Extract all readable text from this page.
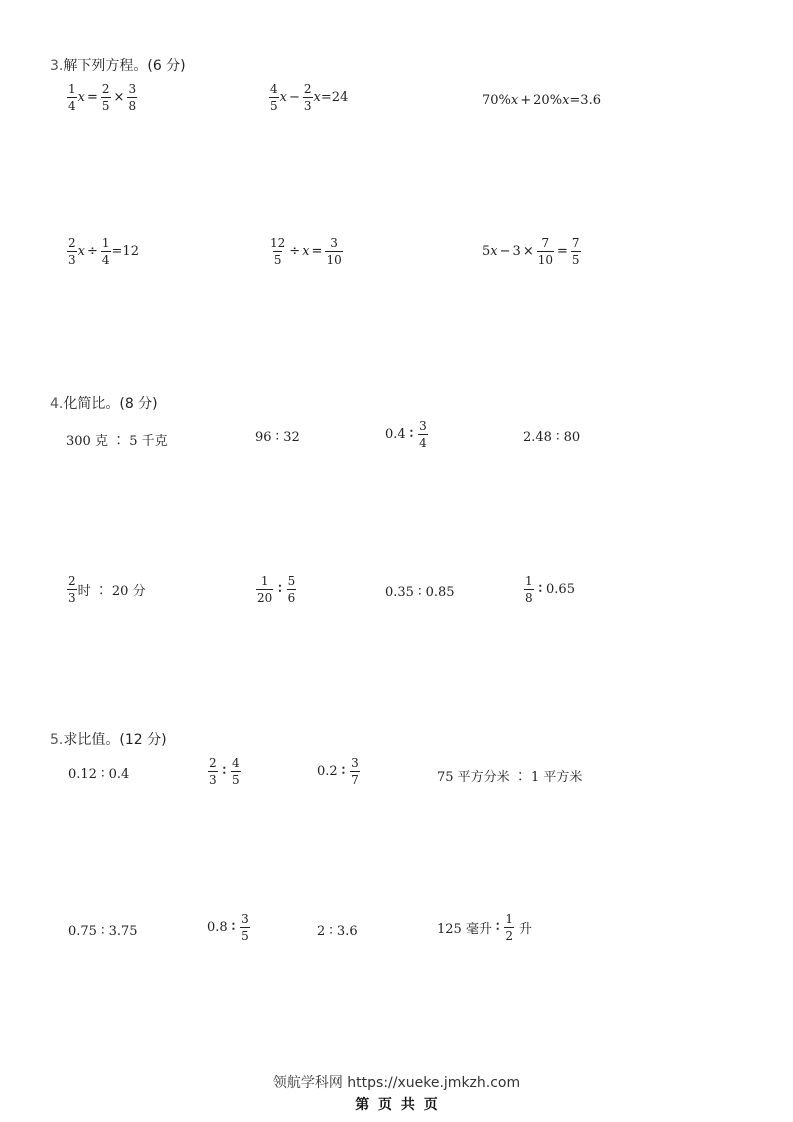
3.解下列方程。(6 分)
$\frac{1}{4}$ $x = \frac{2}{5} \times \frac{3}{8}$	$\frac{4}{5}$ $x - \frac{2}{3}$ x =24	70% x + 20% x =3.6
$\frac{2}{3}$ $x \div \frac{1}{4} =12$	$\frac{12}{5} \div x = \frac{3}{10}$	5 $x - 3 \times \frac{7}{10} = \frac{7}{5}$
4.化简比。(8 分)
300 克 ∶ 5 千克	96 ∶ 32	0.4 ∶ $\frac{3}{4}$	2.48 ∶ 80
$\frac{2}{3}$ 时 ∶ 20 分	$\frac{1}{20}$ ∶ $\frac{5}{6}$	0.35 ∶ 0.85	$\frac{1}{8}$ ∶ 0.65
5.求比值。(12 分)
0.12 ∶ 0.4	$\frac{2}{3}$ ∶ $\frac{4}{5}$	0.2 ∶ $\frac{3}{7}$	75 平方分米 ∶ 1 平方米
0.75 ∶ 3.75	0.8 ∶ $\frac{3}{5}$	2 ∶ 3.6	125 毫升 ∶ $\frac{1}{2}$ 升
领航学科网 https://xueke.jmkzh.com
第 页 共 页
